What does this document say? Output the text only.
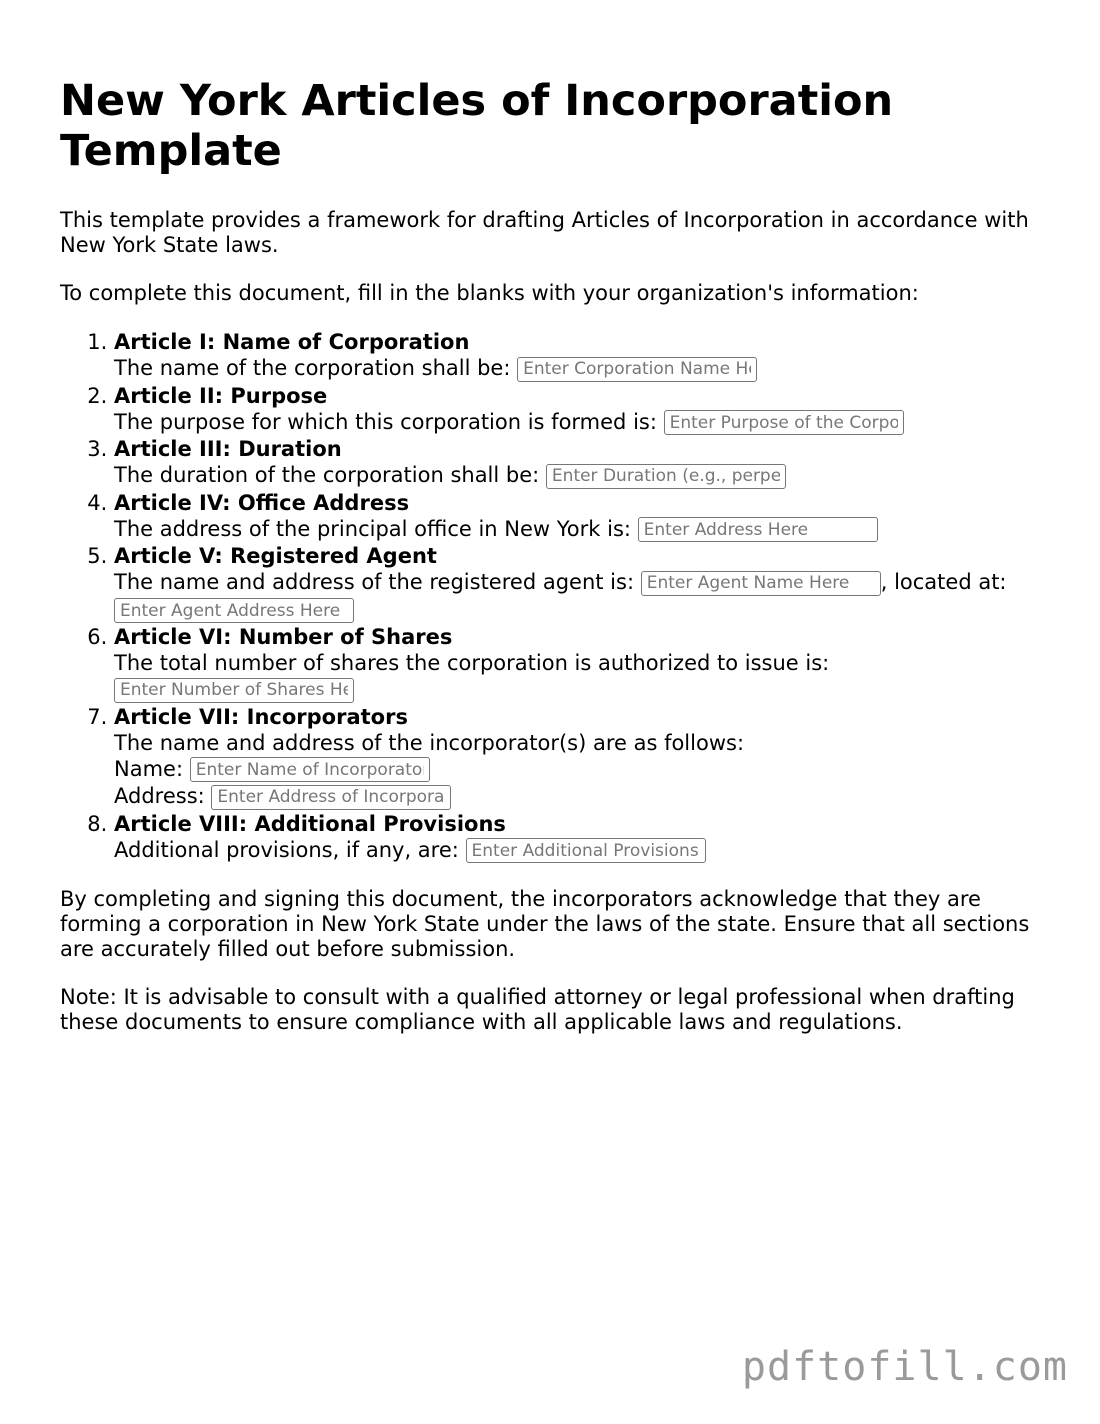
New York Articles of Incorporation Template

This template provides a framework for drafting Articles of Incorporation in accordance with New York State laws.

To complete this document, fill in the blanks with your organization's information:

1. Article I: Name of Corporation
The name of the corporation shall be: Enter Corporation Name Here
2. Article II: Purpose
The purpose for which this corporation is formed is: Enter Purpose of the Corporation
3. Article III: Duration
The duration of the corporation shall be: Enter Duration (e.g., perpetual)
4. Article IV: Office Address
The address of the principal office in New York is: Enter Address Here
5. Article V: Registered Agent
The name and address of the registered agent is: Enter Agent Name Here	, located at: Enter Agent Address Here
6. Article VI: Number of Shares
The total number of shares the corporation is authorized to issue is: Enter Number of Shares Here
7. Article VII: Incorporators
The name and address of the incorporator(s) are as follows:
Name: Enter Name of Incorporator
Address: Enter Address of Incorporator
8. Article VIII: Additional Provisions
Additional provisions, if any, are: Enter Additional Provisions

By completing and signing this document, the incorporators acknowledge that they are forming a corporation in New York State under the laws of the state. Ensure that all sections are accurately filled out before submission.

Note: It is advisable to consult with a qualified attorney or legal professional when drafting these documents to ensure compliance with all applicable laws and regulations.

pdftofill.com
